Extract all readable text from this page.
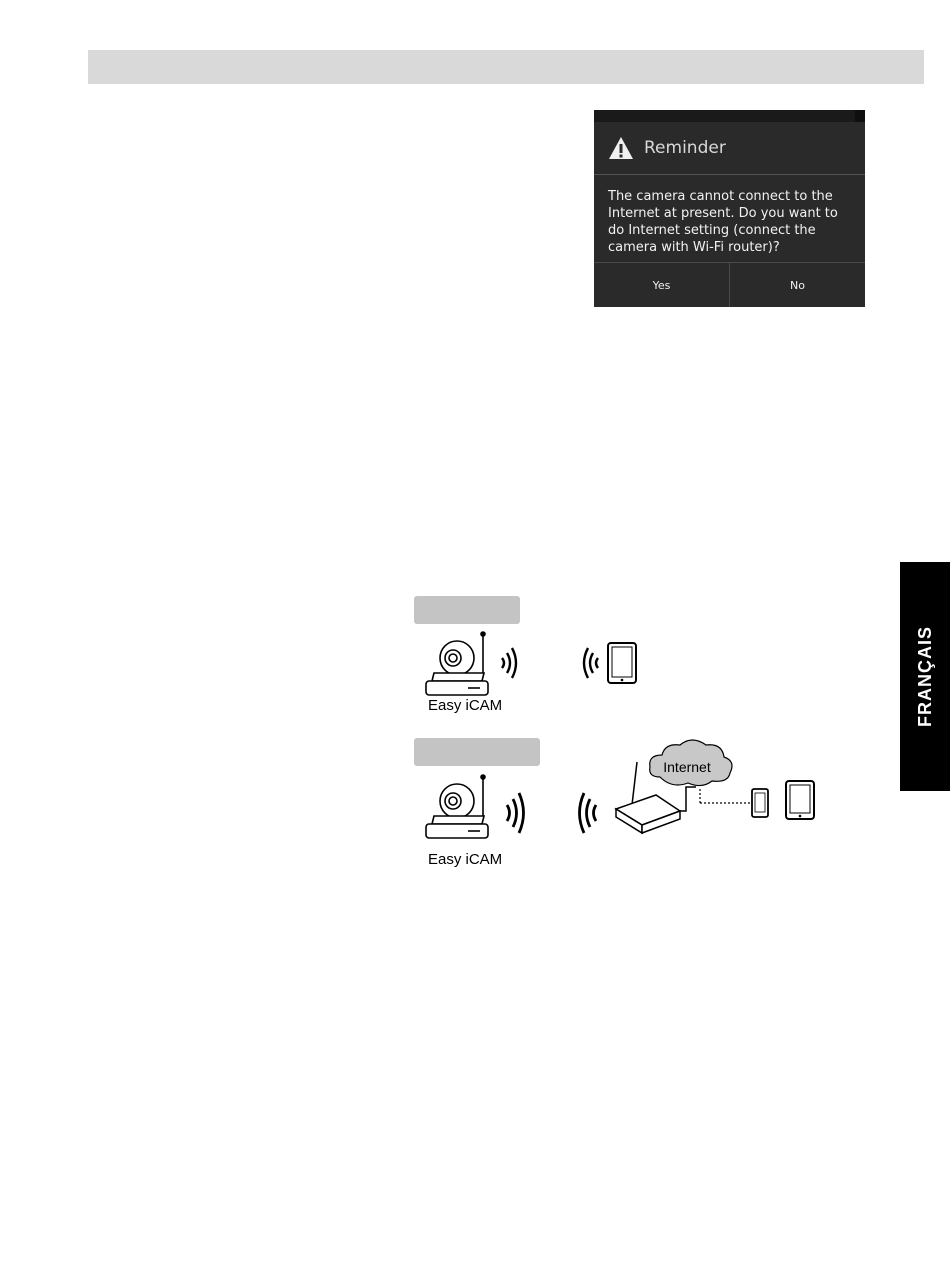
Reminder
The camera cannot connect to the Internet at present. Do you want to do Internet setting (connect the camera with Wi-Fi router)?
Yes	No
FRANÇAIS
Internet
Easy iCAM
Easy iCAM
